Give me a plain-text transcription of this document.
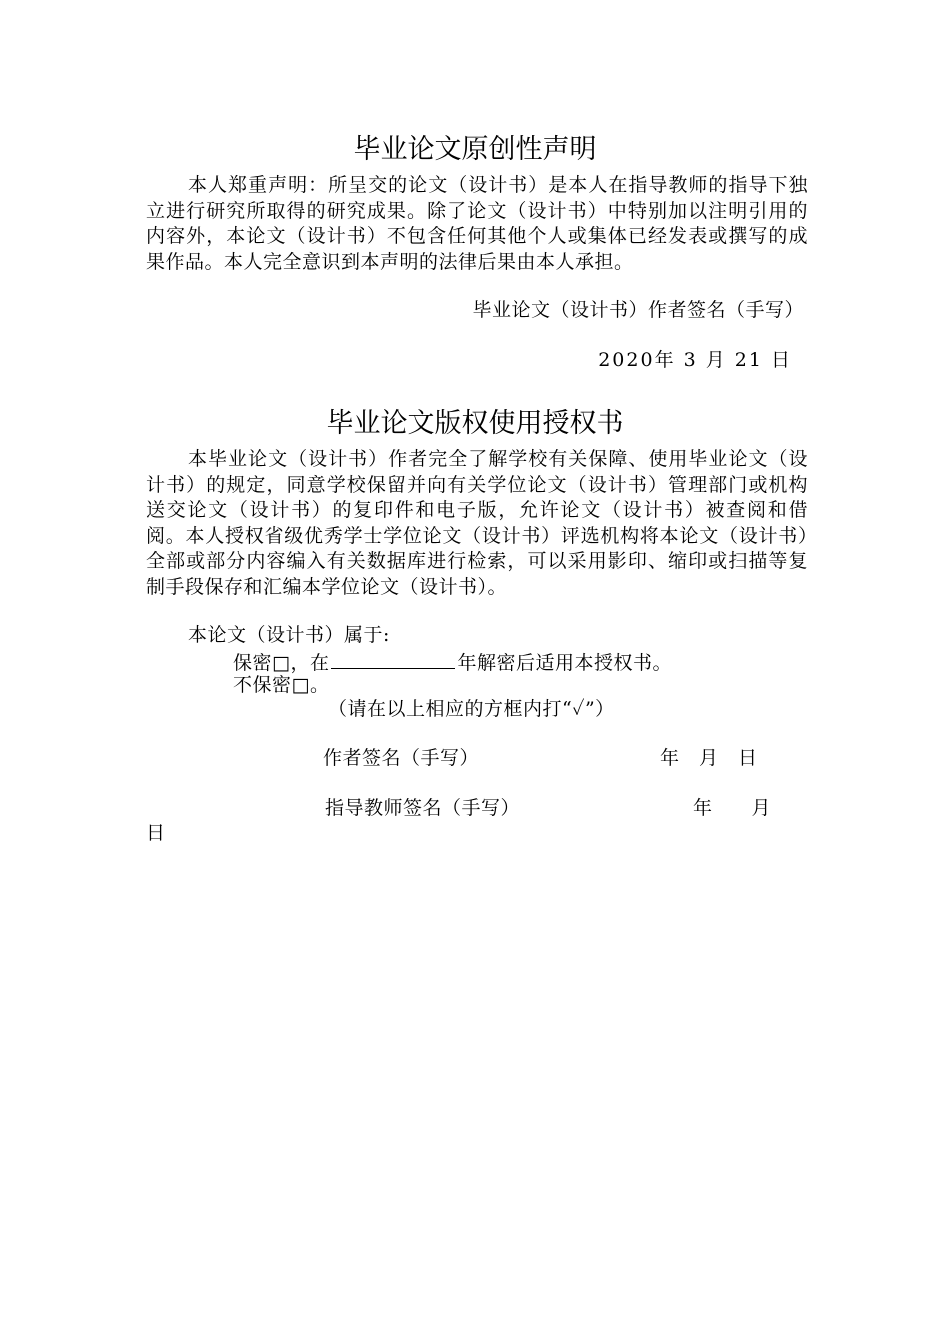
毕业论文原创性声明

本人郑重声明：所呈交的论文（设计书）是本人在指导教师的指导下独立进行研究所取得的研究成果。除了论文（设计书）中特别加以注明引用的内容外，本论文（设计书）不包含任何其他个人或集体已经发表或撰写的成果作品。本人完全意识到本声明的法律后果由本人承担。

毕业论文（设计书）作者签名（手写）
2020年 3 月 21 日
毕业论文版权使用授权书

本毕业论文（设计书）作者完全了解学校有关保障、使用毕业论文（设计书）的规定，同意学校保留并向有关学位论文（设计书）管理部门或机构送交论文（设计书）的复印件和电子版，允许论文（设计书）被查阅和借阅。本人授权省级优秀学士学位论文（设计书）评选机构将本论文（设计书）全部或部分内容编入有关数据库进行检索，可以采用影印、缩印或扫描等复制手段保存和汇编本学位论文（设计书）。

本论文（设计书）属于:
保密□，在	年解密后适用本授权书。
不保密□。
（请在以上相应的方框内打“✓”）
作者签名（手写）	年　月　日
指导教师签名（手写）	年　　月
日
